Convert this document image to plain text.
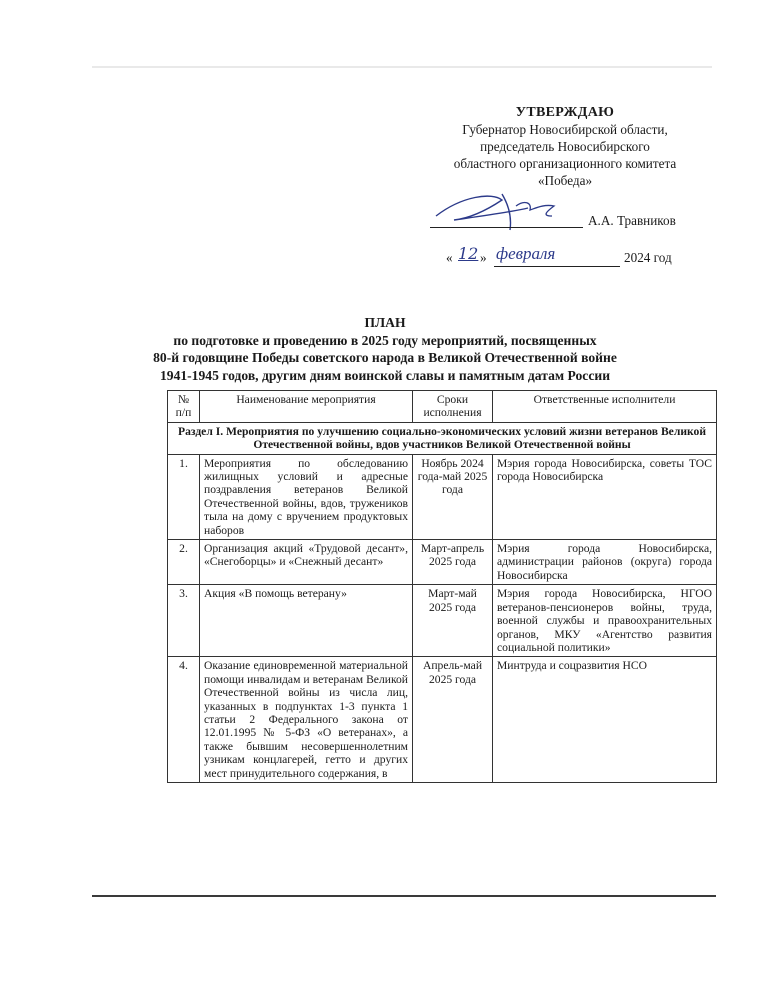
УТВЕРЖДАЮ
Губернатор Новосибирской области,
председатель Новосибирского
областного организационного комитета
«Победа»
А.А. Травников
« 12 » февраля	2024 год
ПЛАН
по подготовке и проведению в 2025 году мероприятий, посвященных
80-й годовщине Победы советского народа в Великой Отечественной войне
1941-1945 годов, другим дням воинской славы и памятным датам России
№ п/п	Наименование мероприятия	Сроки исполнения	Ответственные исполнители
Раздел I. Мероприятия по улучшению социально-экономических условий жизни ветеранов Великой Отечественной войны, вдов участников Великой Отечественной войны			
1.	Мероприятия по обследованию жилищных условий и адресные поздравления ветеранов Великой Отечественной войны, вдов, тружеников тыла на дому с вручением продуктовых наборов	Ноябрь 2024 года-май 2025 года	Мэрия города Новосибирска, советы ТОС города Новосибирска
2.	Организация акций «Трудовой десант», «Снегоборцы» и «Снежный десант»	Март-апрель 2025 года	Мэрия города Новосибирска, администрации районов (округа) города Новосибирска
3.	Акция «В помощь ветерану»	Март-май 2025 года	Мэрия города Новосибирска, НГОО ветеранов-пенсионеров войны, труда, военной службы и правоохранительных органов, МКУ «Агентство развития социальной политики»
4.	Оказание единовременной материальной помощи инвалидам и ветеранам Великой Отечественной войны из числа лиц, указанных в подпунктах 1-3 пункта 1 статьи 2 Федерального закона от 12.01.1995 № 5-ФЗ «О ветеранах», а также бывшим несовершеннолетним узникам концлагерей, гетто и других мест принудительного содержания, в	Апрель-май 2025 года	Минтруда и соцразвития НСО
